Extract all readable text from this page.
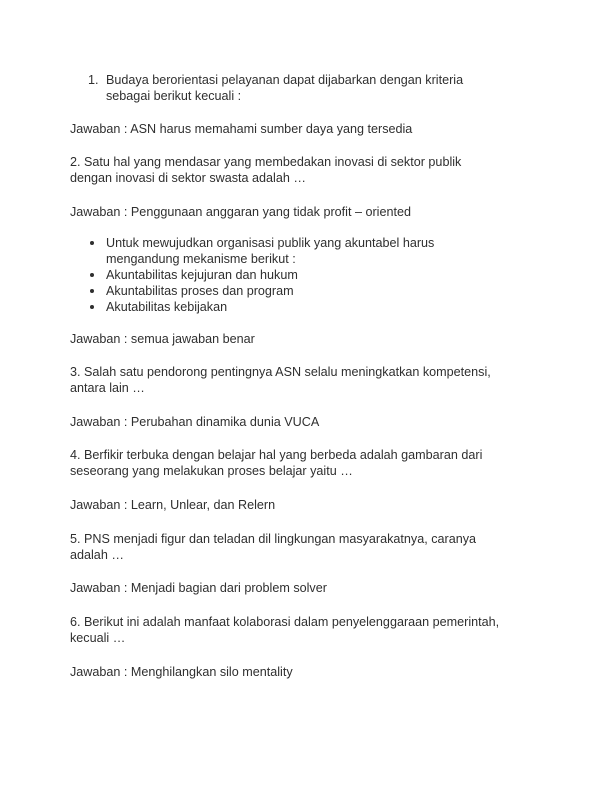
1. Budaya berorientasi pelayanan dapat dijabarkan dengan kriteria
sebagai berikut kecuali :
Jawaban : ASN harus memahami sumber daya yang tersedia
2. Satu hal yang mendasar yang membedakan inovasi di sektor publik
dengan inovasi di sektor swasta adalah …
Jawaban : Penggunaan anggaran yang tidak profit – oriented
Untuk mewujudkan organisasi publik yang akuntabel harus
mengandung mekanisme berikut :
Akuntabilitas kejujuran dan hukum
Akuntabilitas proses dan program
Akutabilitas kebijakan
Jawaban : semua jawaban benar
3. Salah satu pendorong pentingnya ASN selalu meningkatkan kompetensi,
antara lain …
Jawaban : Perubahan dinamika dunia VUCA
4. Berfikir terbuka dengan belajar hal yang berbeda adalah gambaran dari
seseorang yang melakukan proses belajar yaitu …
Jawaban : Learn, Unlear, dan Relern
5. PNS menjadi figur dan teladan dil lingkungan masyarakatnya, caranya
adalah …
Jawaban : Menjadi bagian dari problem solver
6. Berikut ini adalah manfaat kolaborasi dalam penyelenggaraan pemerintah,
kecuali …
Jawaban : Menghilangkan silo mentality
